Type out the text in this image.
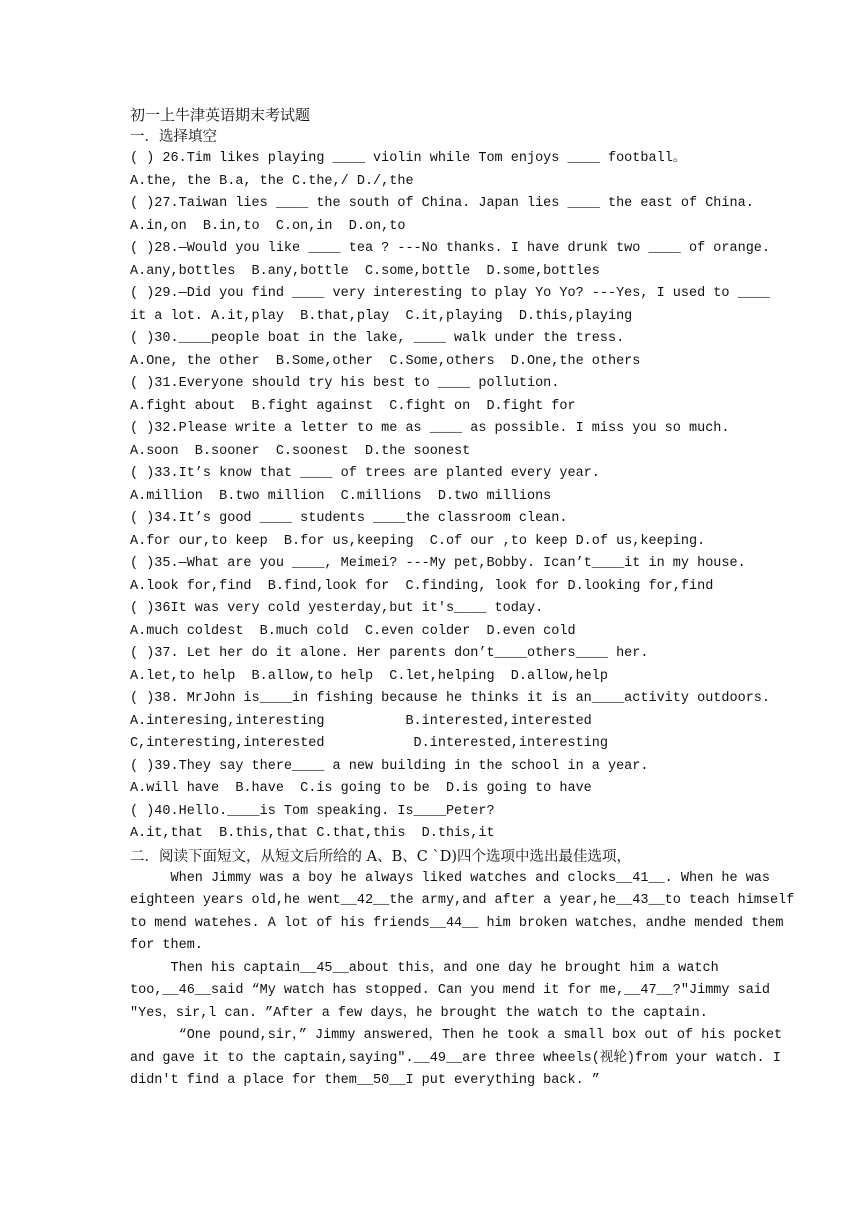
初一上牛津英语期末考试题
一．选择填空
( ) 26.Tim likes playing ____ violin while Tom enjoys ____ football。
A.the, the B.a, the C.the,/ D./,the
( )27.Taiwan lies ____ the south of China. Japan lies ____ the east of China.
A.in,on  B.in,to  C.on,in  D.on,to
( )28.—Would you like ____ tea ? ---No thanks. I have drunk two ____ of orange.
A.any,bottles  B.any,bottle  C.some,bottle  D.some,bottles
( )29.—Did you find ____ very interesting to play Yo Yo? ---Yes, I used to ____
it a lot. A.it,play  B.that,play  C.it,playing  D.this,playing
( )30.____people boat in the lake, ____ walk under the tress.
A.One, the other  B.Some,other  C.Some,others  D.One,the others
( )31.Everyone should try his best to ____ pollution.
A.fight about  B.fight against  C.fight on  D.fight for
( )32.Please write a letter to me as ____ as possible. I miss you so much.
A.soon  B.sooner  C.soonest  D.the soonest
( )33.It’s know that ____ of trees are planted every year.
A.million  B.two million  C.millions  D.two millions
( )34.It’s good ____ students ____the classroom clean.
A.for our,to keep  B.for us,keeping  C.of our ,to keep D.of us,keeping.
( )35.—What are you ____, Meimei? ---My pet,Bobby. Ican’t____it in my house.
A.look for,find  B.find,look for  C.finding, look for D.looking for,find
( )36It was very cold yesterday,but it's____ today.
A.much coldest  B.much cold  C.even colder  D.even cold
( )37. Let her do it alone. Her parents don’t____others____ her.
A.let,to help  B.allow,to help  C.let,helping  D.allow,help
( )38. MrJohn is____in fishing because he thinks it is an____activity outdoors.
A.interesing,interesting          B.interested,interested
C,interesting,interested           D.interested,interesting
( )39.They say there____ a new building in the school in a year.
A.will have  B.have  C.is going to be  D.is going to have
( )40.Hello.____is Tom speaking. Is____Peter?
A.it,that  B.this,that C.that,this  D.this,it
二．阅读下面短文，从短文后所给的 A、B、C `D)四个选项中选出最佳选项，
When Jimmy was a boy he always liked watches and clocks__41__. When he was
eighteen years old,he went__42__the army,and after a year,he__43__to teach himself
to mend watehes. A lot of his friends__44__ him broken watches，andhe mended them
for them.
Then his captain__45__about this，and one day he brought him a watch
too,__46__said “My watch has stopped. Can you mend it for me,__47__?"Jimmy said
"Yes，sir,l can. ”After a few days，he brought the watch to the captain.
“One pound,sir，” Jimmy answered，Then he took a small box out of his pocket
and gave it to the captain,saying".__49__are three wheels(视轮)from your watch. I
didn't find a place for them__50__I put everything back. ”
